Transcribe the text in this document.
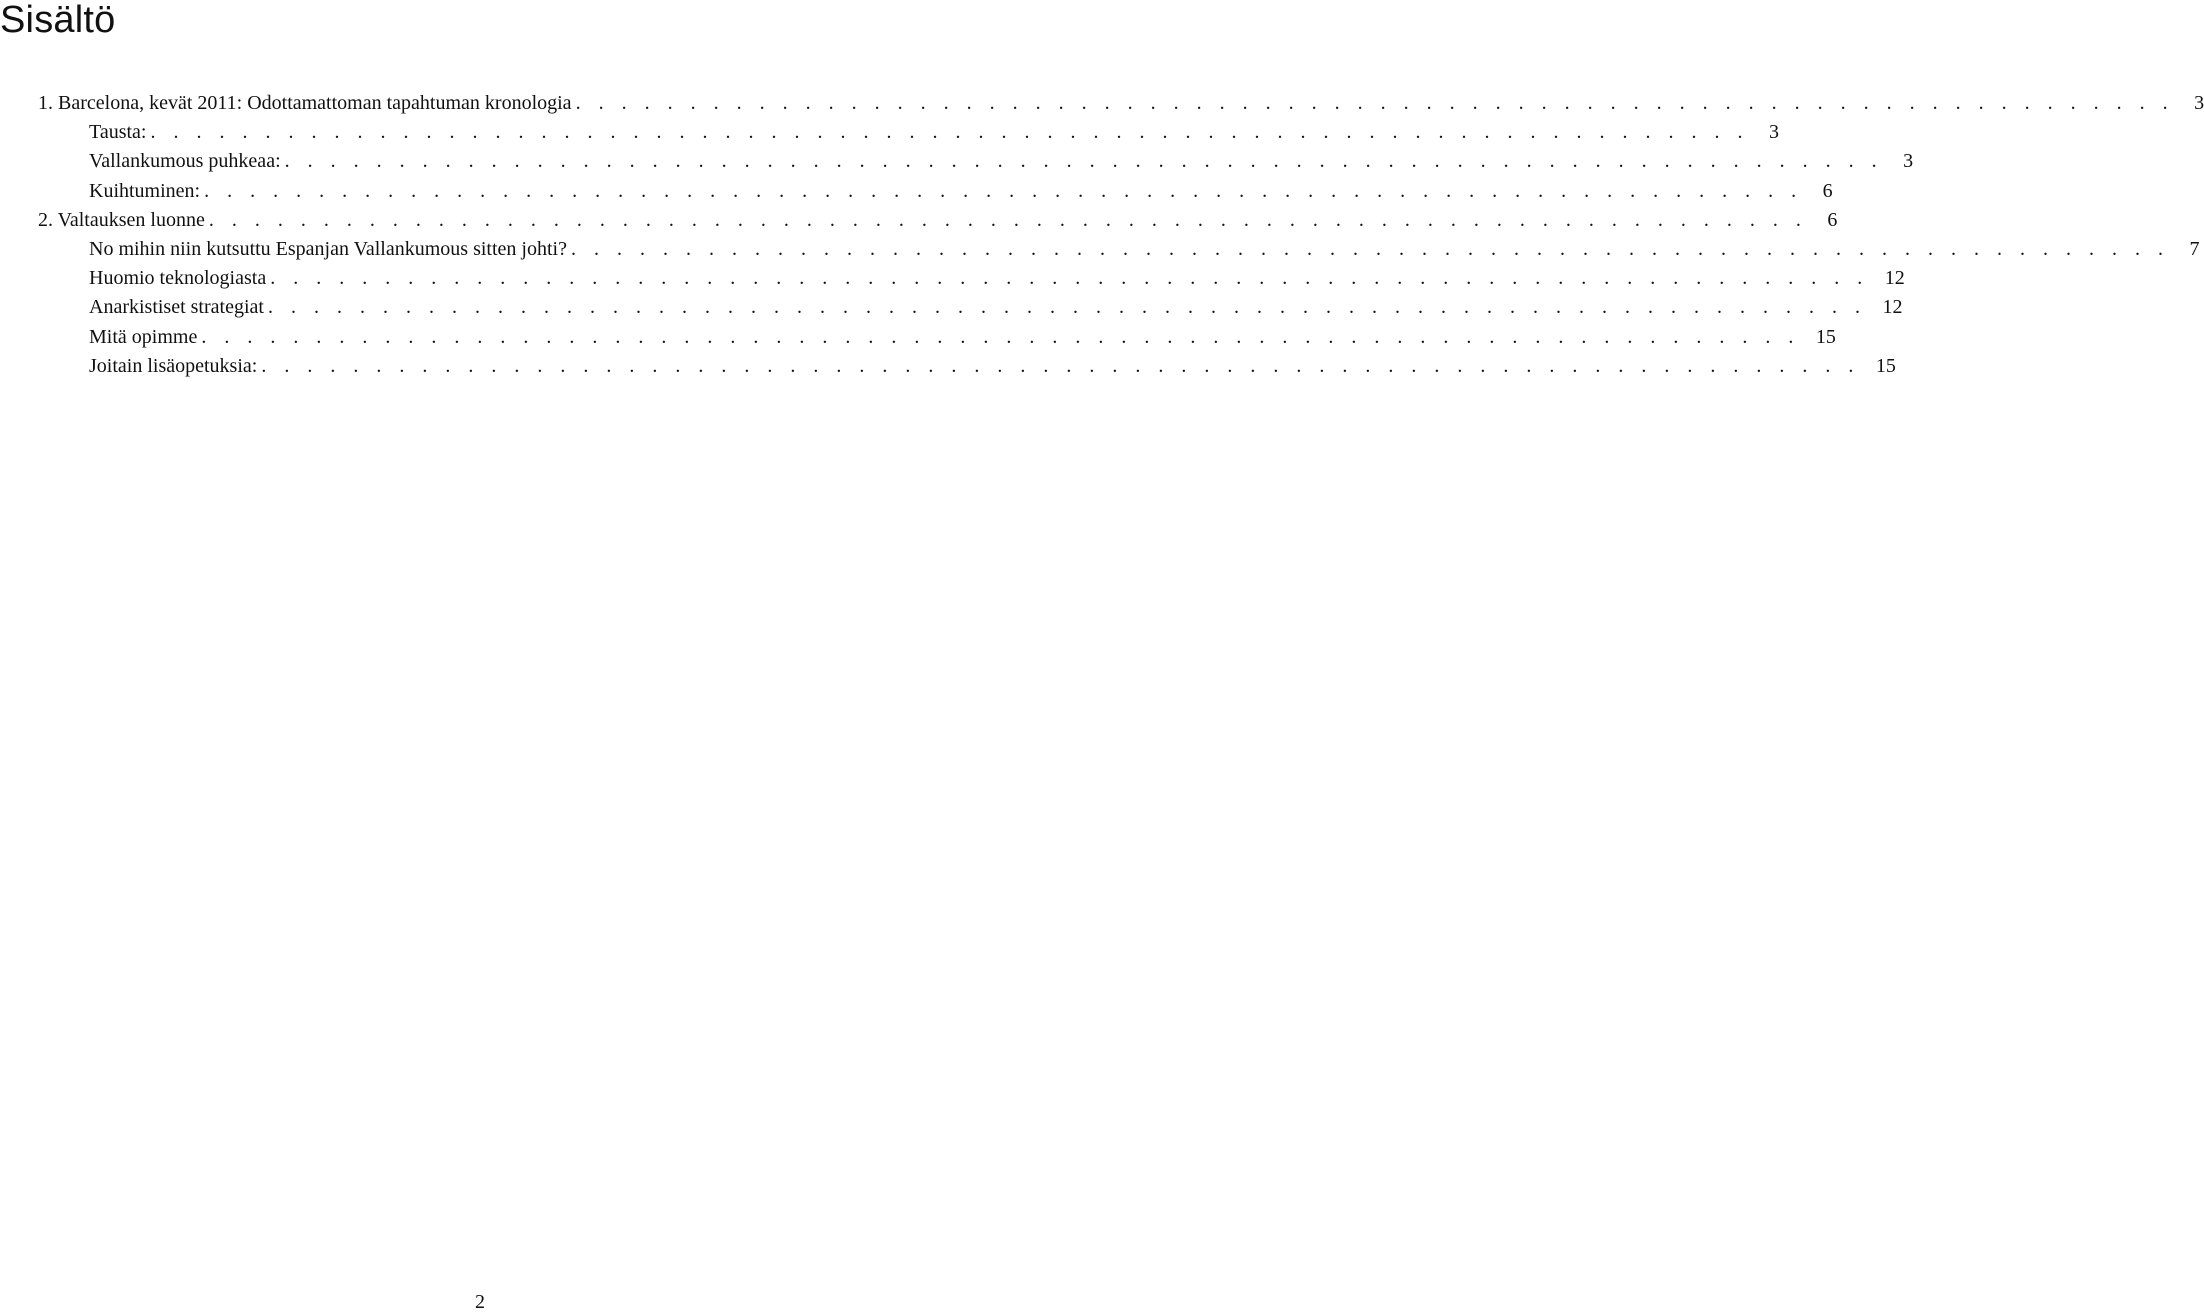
Sisältö
1. Barcelona, kevät 2011: Odottamattoman tapahtuman kronologia . . . . . . . . . . . . . . . . . . . . . . . . . . . . . . . . . . . . . . . . . . . . . . . . . . . . . . . . . . . . . . . . . . . . . .	3
Tausta: . . . . . . . . . . . . . . . . . . . . . . . . . . . . . . . . . . . . . . . . . . . . . . . . . . . . . . . . . . . . . . . . . . . . . .	3
Vallankumous puhkeaa: . . . . . . . . . . . . . . . . . . . . . . . . . . . . . . . . . . . . . . . . . . . . . . . . . . . . . . . . . . . . . . . . . . . . . .	3
Kuihtuminen: . . . . . . . . . . . . . . . . . . . . . . . . . . . . . . . . . . . . . . . . . . . . . . . . . . . . . . . . . . . . . . . . . . . . . .	6
2. Valtauksen luonne . . . . . . . . . . . . . . . . . . . . . . . . . . . . . . . . . . . . . . . . . . . . . . . . . . . . . . . . . . . . . . . . . . . . . .	6
No mihin niin kutsuttu Espanjan Vallankumous sitten johti? . . . . . . . . . . . . . . . . . . . . . . . . . . . . . . . . . . . . . . . . . . . . . . . . . . . . . . . . . . . . . . . . . . . . . .	7
Huomio teknologiasta . . . . . . . . . . . . . . . . . . . . . . . . . . . . . . . . . . . . . . . . . . . . . . . . . . . . . . . . . . . . . . . . . . . . . . 12
Anarkistiset strategiat . . . . . . . . . . . . . . . . . . . . . . . . . . . . . . . . . . . . . . . . . . . . . . . . . . . . . . . . . . . . . . . . . . . . . . 12
Mitä opimme . . . . . . . . . . . . . . . . . . . . . . . . . . . . . . . . . . . . . . . . . . . . . . . . . . . . . . . . . . . . . . . . . . . . . . 15
Joitain lisäopetuksia: . . . . . . . . . . . . . . . . . . . . . . . . . . . . . . . . . . . . . . . . . . . . . . . . . . . . . . . . . . . . . . . . . . . . . . 15
2
